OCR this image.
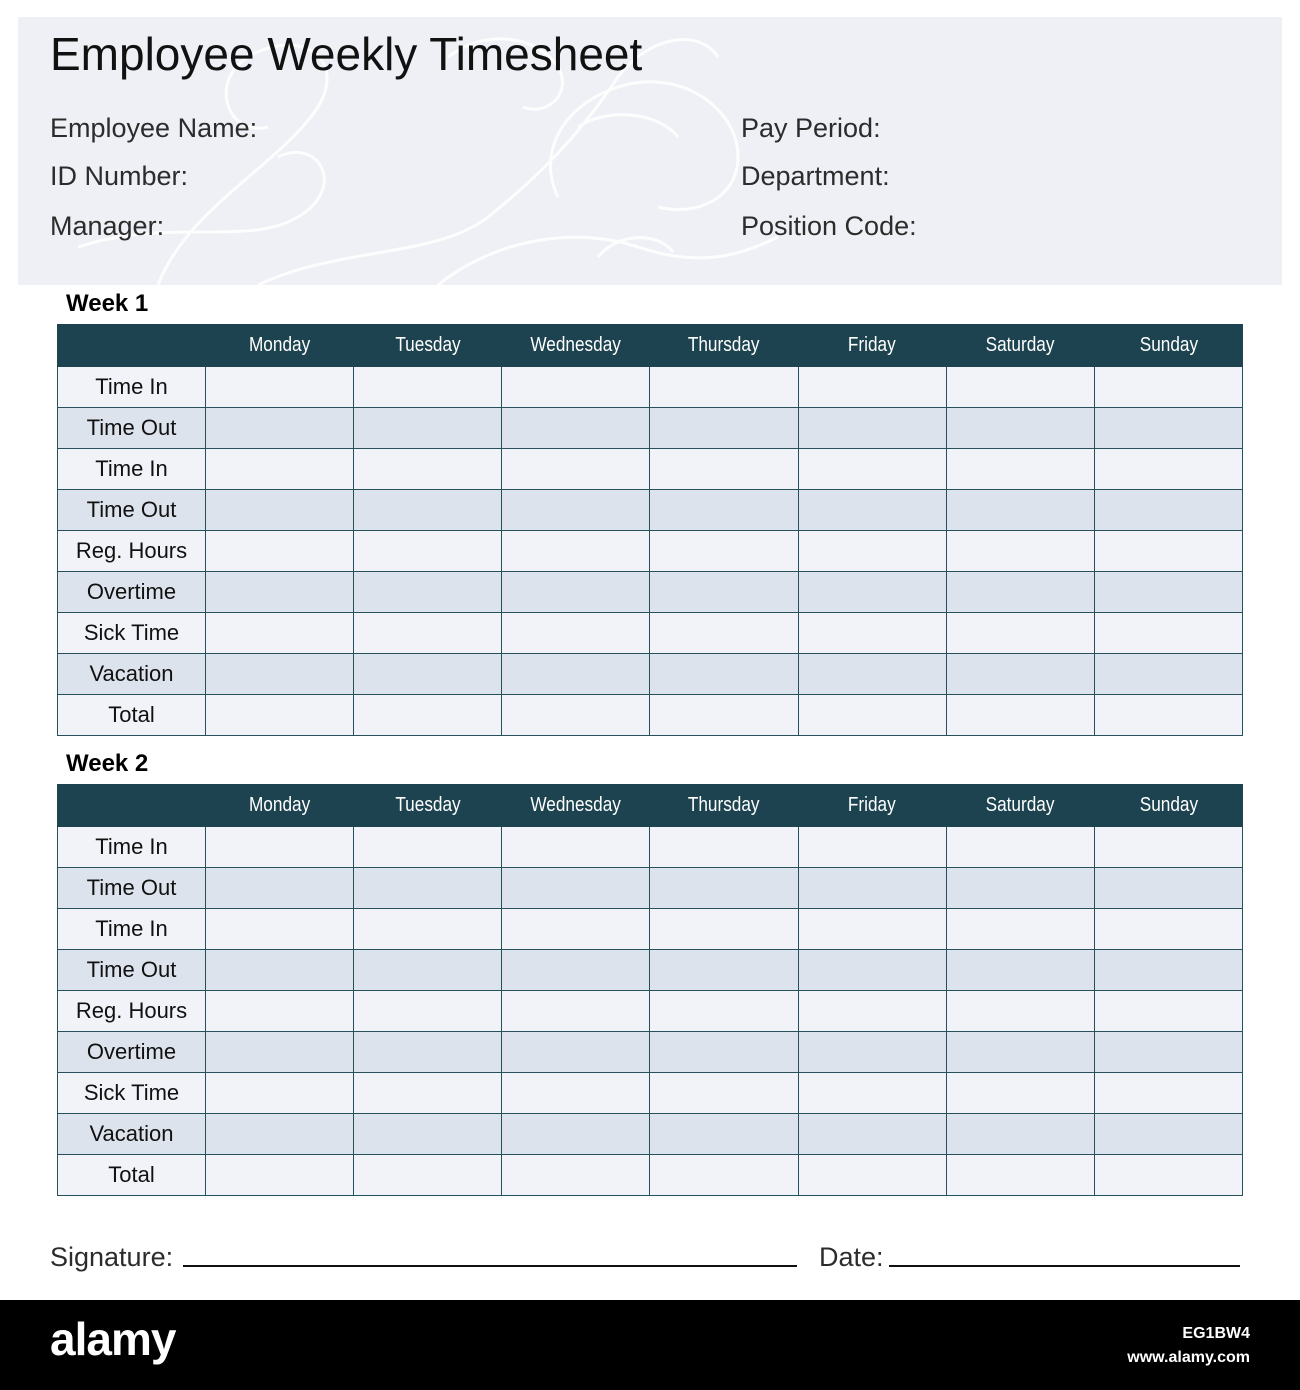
Employee Weekly Timesheet
Employee Name:
ID Number:
Manager:
Pay Period:
Department:
Position Code:
Week 1
	Monday	Tuesday	Wednesday	Thursday	Friday	Saturday	Sunday
Time In							
Time Out							
Time In							
Time Out							
Reg. Hours							
Overtime							
Sick Time							
Vacation							
Total							
Week 2
	Monday	Tuesday	Wednesday	Thursday	Friday	Saturday	Sunday
Time In							
Time Out							
Time In							
Time Out							
Reg. Hours							
Overtime							
Sick Time							
Vacation							
Total							
Signature:	Date:
alamy	EG1BW4
www.alamy.com
